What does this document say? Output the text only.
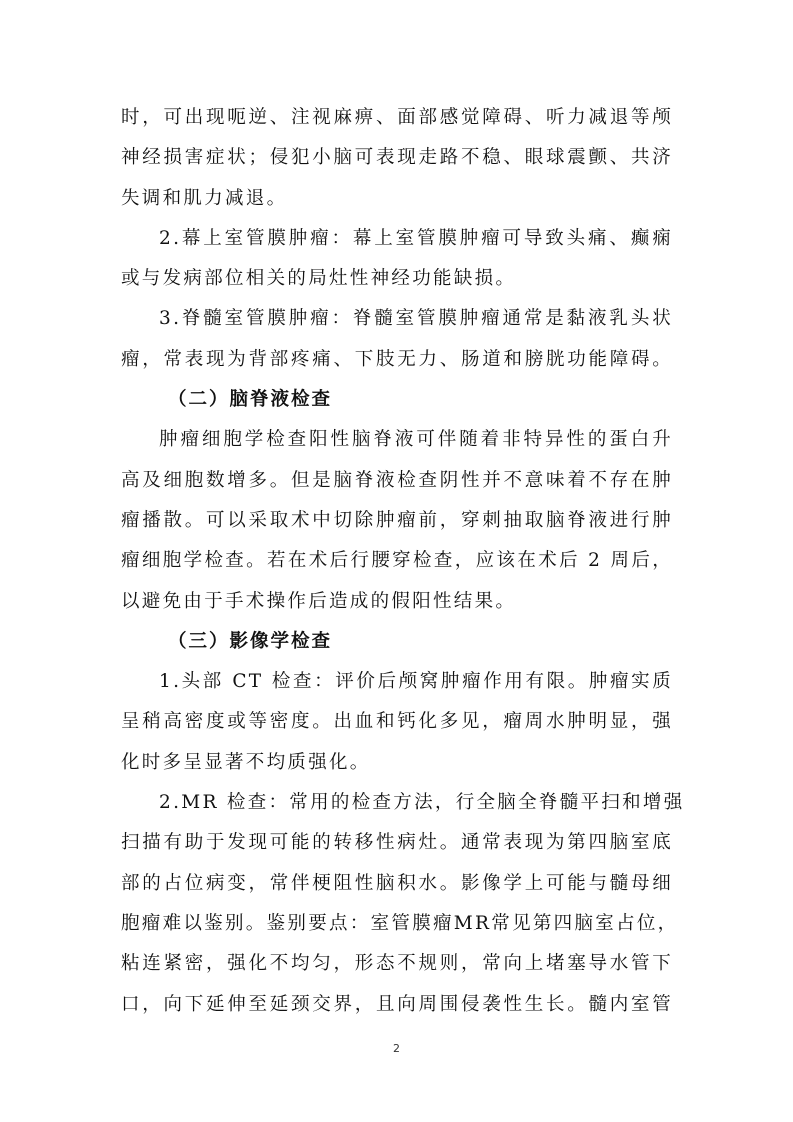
时，可出现呃逆、注视麻痹、面部感觉障碍、听力减退等颅
神经损害症状；侵犯小脑可表现走路不稳、眼球震颤、共济
失调和肌力减退。
2.幕上室管膜肿瘤：幕上室管膜肿瘤可导致头痛、癫痫
或与发病部位相关的局灶性神经功能缺损。
3.脊髓室管膜肿瘤：脊髓室管膜肿瘤通常是黏液乳头状
瘤，常表现为背部疼痛、下肢无力、肠道和膀胱功能障碍。
（二）脑脊液检查
肿瘤细胞学检查阳性脑脊液可伴随着非特异性的蛋白升
高及细胞数增多。但是脑脊液检查阴性并不意味着不存在肿
瘤播散。可以采取术中切除肿瘤前，穿刺抽取脑脊液进行肿
瘤细胞学检查。若在术后行腰穿检查，应该在术后 2 周后，
以避免由于手术操作后造成的假阳性结果。
（三）影像学检查
1.头部 CT 检查：评价后颅窝肿瘤作用有限。肿瘤实质
呈稍高密度或等密度。出血和钙化多见，瘤周水肿明显，强
化时多呈显著不均质强化。
2.MR 检查：常用的检查方法，行全脑全脊髓平扫和增强
扫描有助于发现可能的转移性病灶。通常表现为第四脑室底
部的占位病变，常伴梗阻性脑积水。影像学上可能与髓母细
胞瘤难以鉴别。鉴别要点：室管膜瘤MR常见第四脑室占位，
粘连紧密，强化不均匀，形态不规则，常向上堵塞导水管下
口，向下延伸至延颈交界，且向周围侵袭性生长。髓内室管
2
